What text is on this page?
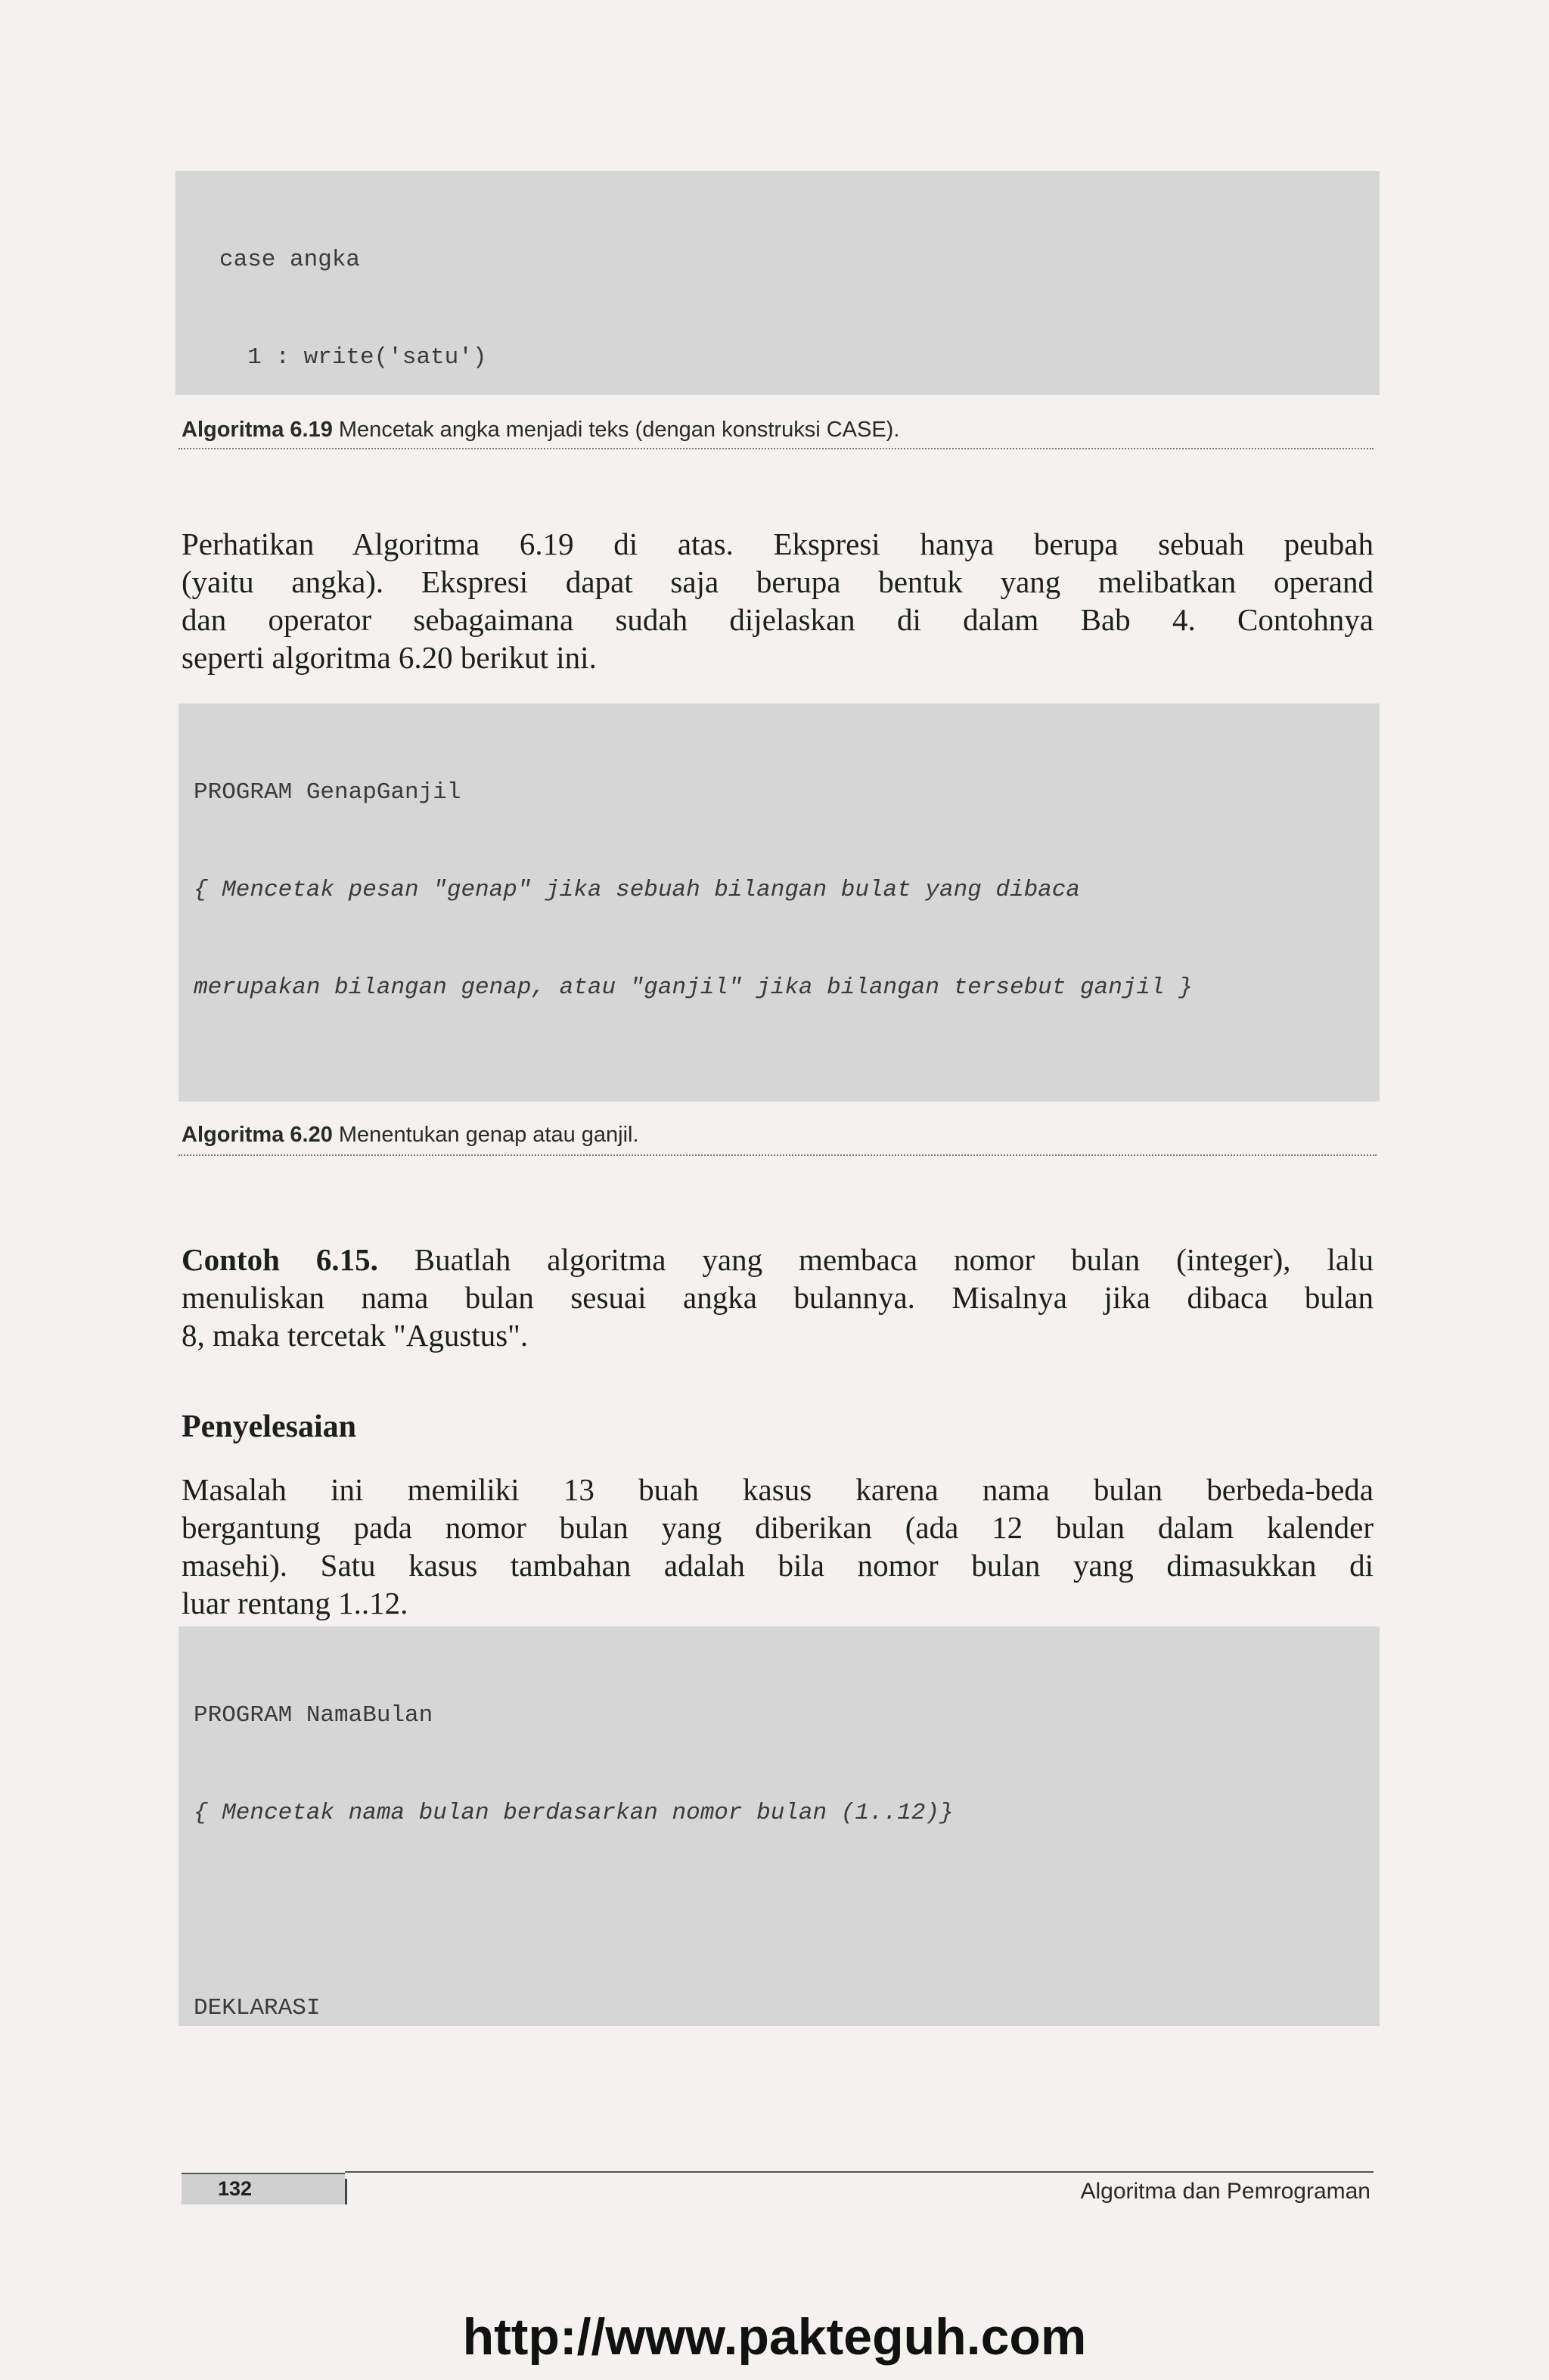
case angka

1 : write('satu')

Algoritma 6.19 Mencetak angka menjadi teks (dengan konstruksi CASE).
Perhatikan Algoritma 6.19 di atas. Ekspresi hanya berupa sebuah peubah
(yaitu angka). Ekspresi dapat saja berupa bentuk yang melibatkan operand
dan operator sebagaimana sudah dijelaskan di dalam Bab 4. Contohnya
seperti algoritma 6.20 berikut ini.

PROGRAM GenapGanjil

{ Mencetak pesan "genap" jika sebuah bilangan bulat yang dibaca

merupakan bilangan genap, atau "ganjil" jika bilangan tersebut ganjil }

Algoritma 6.20 Menentukan genap atau ganjil.
Contoh 6.15. Buatlah algoritma yang membaca nomor bulan (integer), lalu
menuliskan nama bulan sesuai angka bulannya. Misalnya jika dibaca bulan
8, maka tercetak "Agustus".
Penyelesaian
Masalah ini memiliki 13 buah kasus karena nama bulan berbeda-beda
bergantung pada nomor bulan yang diberikan (ada 12 bulan dalam kalender
masehi). Satu kasus tambahan adalah bila nomor bulan yang dimasukkan di
luar rentang 1..12.

PROGRAM NamaBulan

{ Mencetak nama bulan berdasarkan nomor bulan (1..12)}

DEKLARASI

132	Algoritma dan Pemrograman
http://www.pakteguh.com
